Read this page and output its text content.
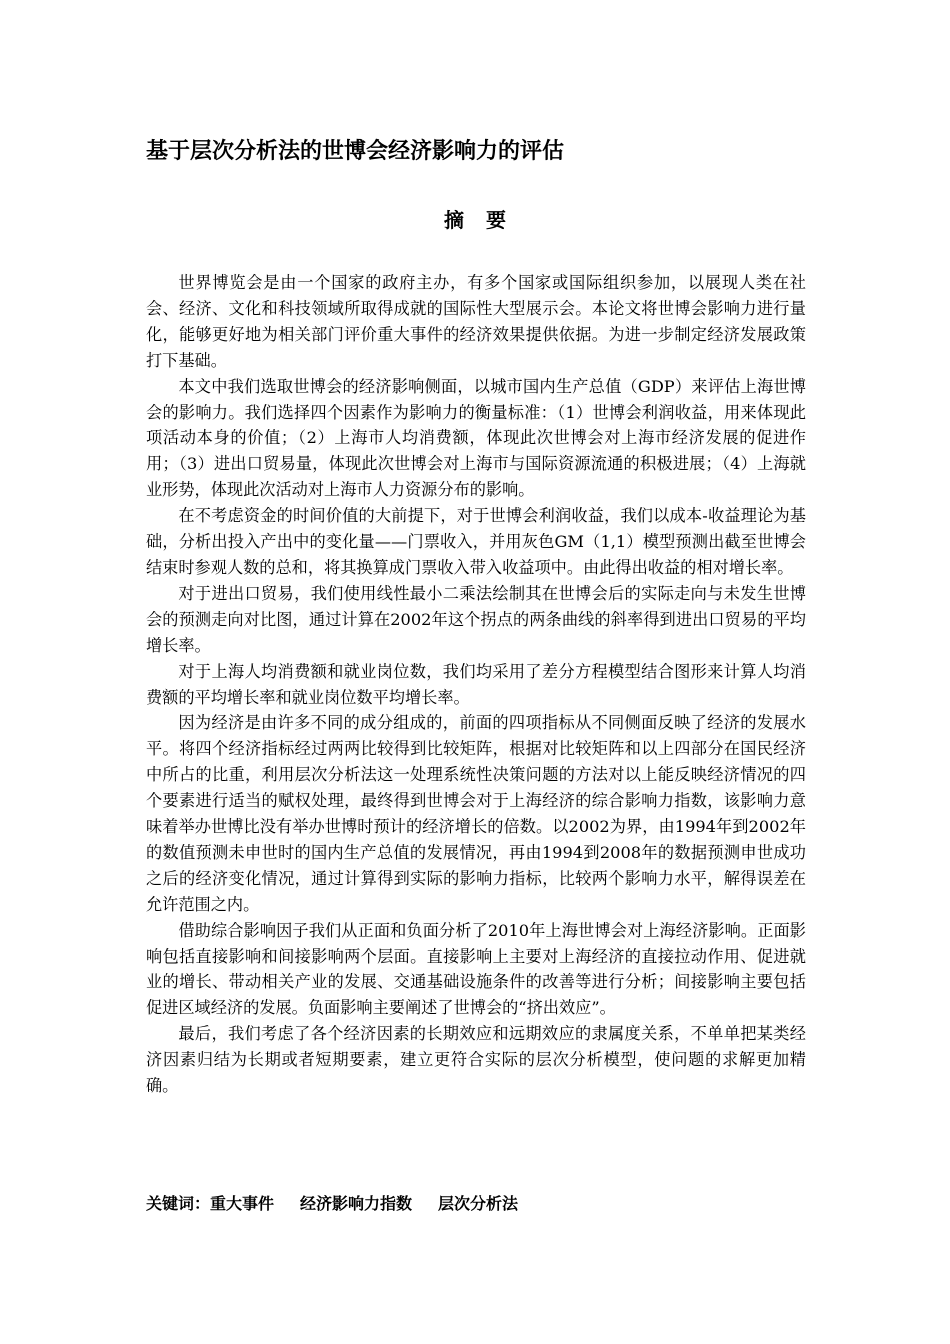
基于层次分析法的世博会经济影响力的评估
摘要

世界博览会是由一个国家的政府主办，有多个国家或国际组织参加，以展现人类在社会、经济、文化和科技领域所取得成就的国际性大型展示会。本论文将世博会影响力进行量化，能够更好地为相关部门评价重大事件的经济效果提供依据。为进一步制定经济发展政策打下基础。

本文中我们选取世博会的经济影响侧面，以城市国内生产总值（GDP）来评估上海世博会的影响力。我们选择四个因素作为影响力的衡量标准：（1）世博会利润收益，用来体现此项活动本身的价值；（2）上海市人均消费额，体现此次世博会对上海市经济发展的促进作用；（3）进出口贸易量，体现此次世博会对上海市与国际资源流通的积极进展；（4）上海就业形势，体现此次活动对上海市人力资源分布的影响。

在不考虑资金的时间价值的大前提下，对于世博会利润收益，我们以成本-收益理论为基础，分析出投入产出中的变化量——门票收入，并用灰色GM（1,1）模型预测出截至世博会结束时参观人数的总和，将其换算成门票收入带入收益项中。由此得出收益的相对增长率。

对于进出口贸易，我们使用线性最小二乘法绘制其在世博会后的实际走向与未发生世博会的预测走向对比图，通过计算在2002年这个拐点的两条曲线的斜率得到进出口贸易的平均增长率。

对于上海人均消费额和就业岗位数，我们均采用了差分方程模型结合图形来计算人均消费额的平均增长率和就业岗位数平均增长率。

因为经济是由许多不同的成分组成的，前面的四项指标从不同侧面反映了经济的发展水平。将四个经济指标经过两两比较得到比较矩阵，根据对比较矩阵和以上四部分在国民经济中所占的比重，利用层次分析法这一处理系统性决策问题的方法对以上能反映经济情况的四个要素进行适当的赋权处理，最终得到世博会对于上海经济的综合影响力指数，该影响力意味着举办世博比没有举办世博时预计的经济增长的倍数。以2002为界，由1994年到2002年的数值预测未申世时的国内生产总值的发展情况，再由1994到2008年的数据预测申世成功之后的经济变化情况，通过计算得到实际的影响力指标，比较两个影响力水平，解得误差在允许范围之内。

借助综合影响因子我们从正面和负面分析了2010年上海世博会对上海经济影响。正面影响包括直接影响和间接影响两个层面。直接影响上主要对上海经济的直接拉动作用、促进就业的增长、带动相关产业的发展、交通基础设施条件的改善等进行分析；间接影响主要包括促进区域经济的发展。负面影响主要阐述了世博会的“挤出效应”。

最后，我们考虑了各个经济因素的长期效应和远期效应的隶属度关系，不单单把某类经济因素归结为长期或者短期要素，建立更符合实际的层次分析模型，使问题的求解更加精确。

关键词：重大事件 经济影响力指数 层次分析法
